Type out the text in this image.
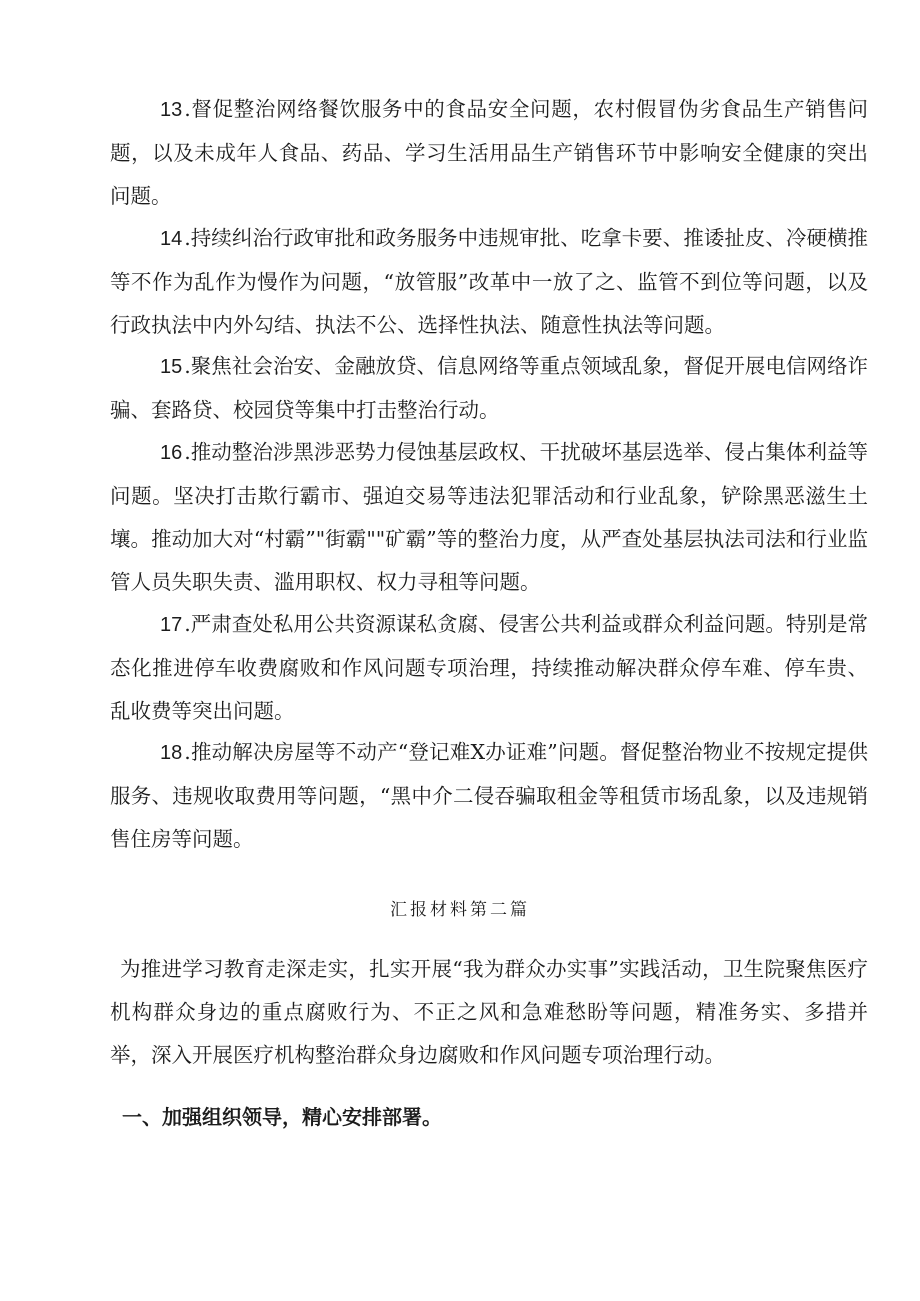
13.督促整治网络餐饮服务中的食品安全问题，农村假冒伪劣食品生产销售问题，以及未成年人食品、药品、学习生活用品生产销售环节中影响安全健康的突出问题。

14.持续纠治行政审批和政务服务中违规审批、吃拿卡要、推诿扯皮、冷硬横推等不作为乱作为慢作为问题，“放管服”改革中一放了之、监管不到位等问题，以及行政执法中内外勾结、执法不公、选择性执法、随意性执法等问题。

15.聚焦社会治安、金融放贷、信息网络等重点领域乱象，督促开展电信网络诈骗、套路贷、校园贷等集中打击整治行动。

16.推动整治涉黑涉恶势力侵蚀基层政权、干扰破坏基层选举、侵占集体利益等问题。坚决打击欺行霸市、强迫交易等违法犯罪活动和行业乱象，铲除黑恶滋生土壤。推动加大对“村霸”"街霸""矿霸”等的整治力度，从严查处基层执法司法和行业监管人员失职失责、滥用职权、权力寻租等问题。

17.严肃查处私用公共资源谋私贪腐、侵害公共利益或群众利益问题。特别是常态化推进停车收费腐败和作风问题专项治理，持续推动解决群众停车难、停车贵、乱收费等突出问题。

18.推动解决房屋等不动产“登记难X办证难”问题。督促整治物业不按规定提供服务、违规收取费用等问题，“黑中介二侵吞骗取租金等租赁市场乱象，以及违规销售住房等问题。

汇报材料第二篇

为推进学习教育走深走实，扎实开展“我为群众办实事”实践活动，卫生院聚焦医疗机构群众身边的重点腐败行为、不正之风和急难愁盼等问题，精准务实、多措并举，深入开展医疗机构整治群众身边腐败和作风问题专项治理行动。

一、加强组织领导，精心安排部署。
